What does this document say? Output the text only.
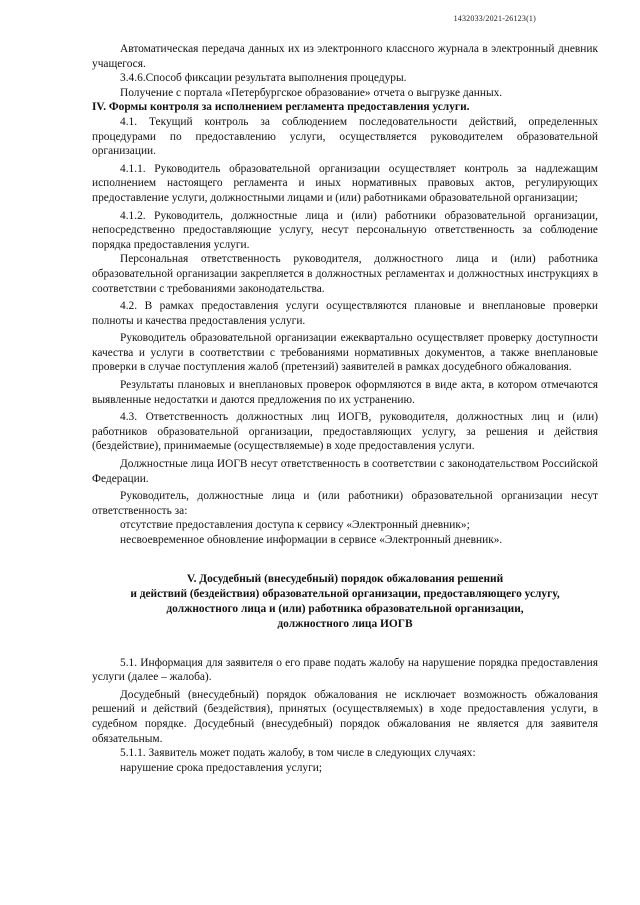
1432033/2021-26123(1)

Автоматическая передача данных их из электронного классного журнала в электронный дневник учащегося.

3.4.6.Способ фиксации результата выполнения процедуры.

Получение с портала «Петербургское образование» отчета о выгрузке данных.

IV. Формы контроля за исполнением регламента предоставления услуги.

4.1. Текущий контроль за соблюдением последовательности действий, определенных процедурами по предоставлению услуги, осуществляется руководителем образовательной организации.

4.1.1. Руководитель образовательной организации осуществляет контроль за надлежащим исполнением настоящего регламента и иных нормативных правовых актов, регулирующих предоставление услуги, должностными лицами и (или) работниками образовательной организации;

4.1.2. Руководитель, должностные лица и (или) работники образовательной организации, непосредственно предоставляющие услугу, несут персональную ответственность за соблюдение порядка предоставления услуги.

Персональная ответственность руководителя, должностного лица и (или) работника образовательной организации закрепляется в должностных регламентах и должностных инструкциях в соответствии с требованиями законодательства.

4.2. В рамках предоставления услуги осуществляются плановые и внеплановые проверки полноты и качества предоставления услуги.

Руководитель образовательной организации ежеквартально осуществляет проверку доступности качества и услуги в соответствии с требованиями нормативных документов, а также внеплановые проверки в случае поступления жалоб (претензий) заявителей в рамках досудебного обжалования.

Результаты плановых и внеплановых проверок оформляются в виде акта, в котором отмечаются выявленные недостатки и даются предложения по их устранению.

4.3. Ответственность должностных лиц ИОГВ, руководителя, должностных лиц и (или) работников образовательной организации, предоставляющих услугу, за решения и действия (бездействие), принимаемые (осуществляемые) в ходе предоставления услуги.

Должностные лица ИОГВ несут ответственность в соответствии с законодательством Российской Федерации.

Руководитель, должностные лица и (или работники) образовательной организации несут ответственность за:

отсутствие предоставления доступа к сервису «Электронный дневник»;

несвоевременное обновление информации в сервисе «Электронный дневник».

V. Досудебный (внесудебный) порядок обжалования решений
и действий (бездействия) образовательной организации, предоставляющего услугу,
должностного лица и (или) работника образовательной организации,
должностного лица ИОГВ

5.1. Информация для заявителя о его праве подать жалобу на нарушение порядка предоставления услуги (далее – жалоба).

Досудебный (внесудебный) порядок обжалования не исключает возможность обжалования решений и действий (бездействия), принятых (осуществляемых) в ходе предоставления услуги, в судебном порядке. Досудебный (внесудебный) порядок обжалования не является для заявителя обязательным.

5.1.1. Заявитель может подать жалобу, в том числе в следующих случаях:

нарушение срока предоставления услуги;
